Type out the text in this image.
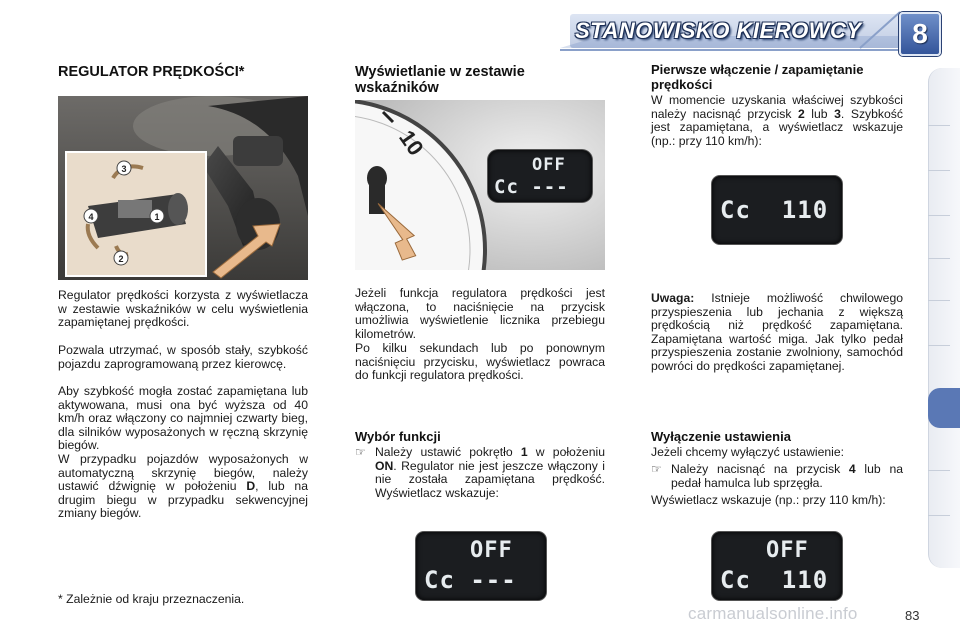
STANOWISKO KIEROWCY	8
REGULATOR PRĘDKOŚCI*
3
2
1
4

Regulator prędkości korzysta z wyświetlacza w zestawie wskaźników w celu wyświetlenia zapamiętanej prędkości.

Pozwala utrzymać, w sposób stały, szybkość pojazdu zaprogramowaną przez kierowcę.

Aby szybkość mogła zostać zapamiętana lub aktywowana, musi ona być wyższa od 40 km/h oraz włączony co najmniej czwarty bieg, dla silników wyposażonych w ręczną skrzynię biegów.

W przypadku pojazdów wyposażonych w automatyczną skrzynię biegów, należy ustawić dźwignię w położeniu D, lub na drugim biegu w przypadku sekwencyjnej zmiany biegów.

* Zależnie od kraju przeznaczenia.
Wyświetlanie w zestawie wskaźników
10
OFF
Cc ---

Jeżeli funkcja regulatora prędkości jest włączona, to naciśnięcie na przycisk umożliwia wyświetlenie licznika przebiegu kilometrów.

Po kilku sekundach lub po ponownym naciśnięciu przycisku, wyświetlacz powraca do funkcji regulatora prędkości.

Wybór funkcji
☞ Należy ustawić pokrętło 1 w położeniu ON. Regulator nie jest jeszcze włączony i nie została zapamiętana prędkość. Wyświetlacz wskazuje:
OFF
Cc ---
Pierwsze włączenie / zapamiętanie prędkości

W momencie uzyskania właściwej szybkości należy nacisnąć przycisk 2 lub 3. Szybkość jest zapamiętana, a wyświetlacz wskazuje (np.: przy 110 km/h):

Cc  110

Uwaga: Istnieje możliwość chwilowego przyspieszenia lub jechania z większą prędkością niż prędkość zapamiętana. Zapamiętana wartość miga. Jak tylko pedał przyspieszenia zostanie zwolniony, samochód powróci do prędkości zapamiętanej.

Wyłączenie ustawienia

Jeżeli chcemy wyłączyć ustawienie:

☞ Należy nacisnąć na przycisk 4 lub na pedał hamulca lub sprzęgła.

Wyświetlacz wskazuje (np.: przy 110 km/h):

OFF
Cc  110
carmanualsonline.info	83
